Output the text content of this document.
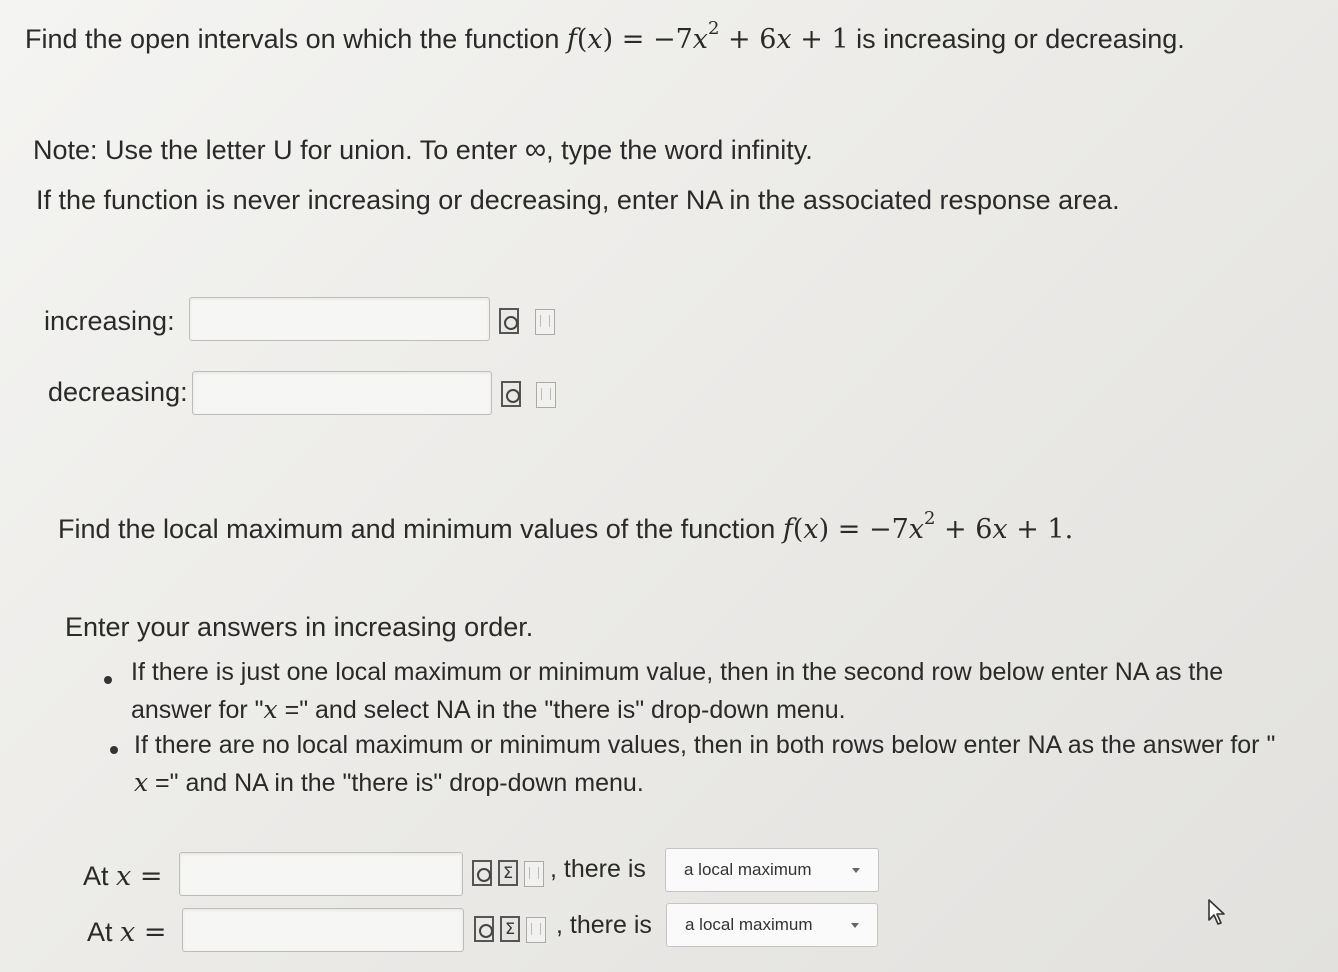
Find the open intervals on which the function $f(x) = -7x^2 + 6x + 1$ is increasing or decreasing.
Note: Use the letter U for union. To enter ∞, type the word infinity.
If the function is never increasing or decreasing, enter NA in the associated response area.
increasing:
decreasing:
Find the local maximum and minimum values of the function $f(x) = -7x^2 + 6x + 1$.
Enter your answers in increasing order.
If there is just one local maximum or minimum value, then in the second row below enter NA as the
answer for "x =" and select NA in the "there is" drop-down menu.
If there are no local maximum or minimum values, then in both rows below enter NA as the answer for "
x =" and NA in the "there is" drop-down menu.
At x = Σ	, there is	a local maximum
At x = Σ	, there is	a local maximum
